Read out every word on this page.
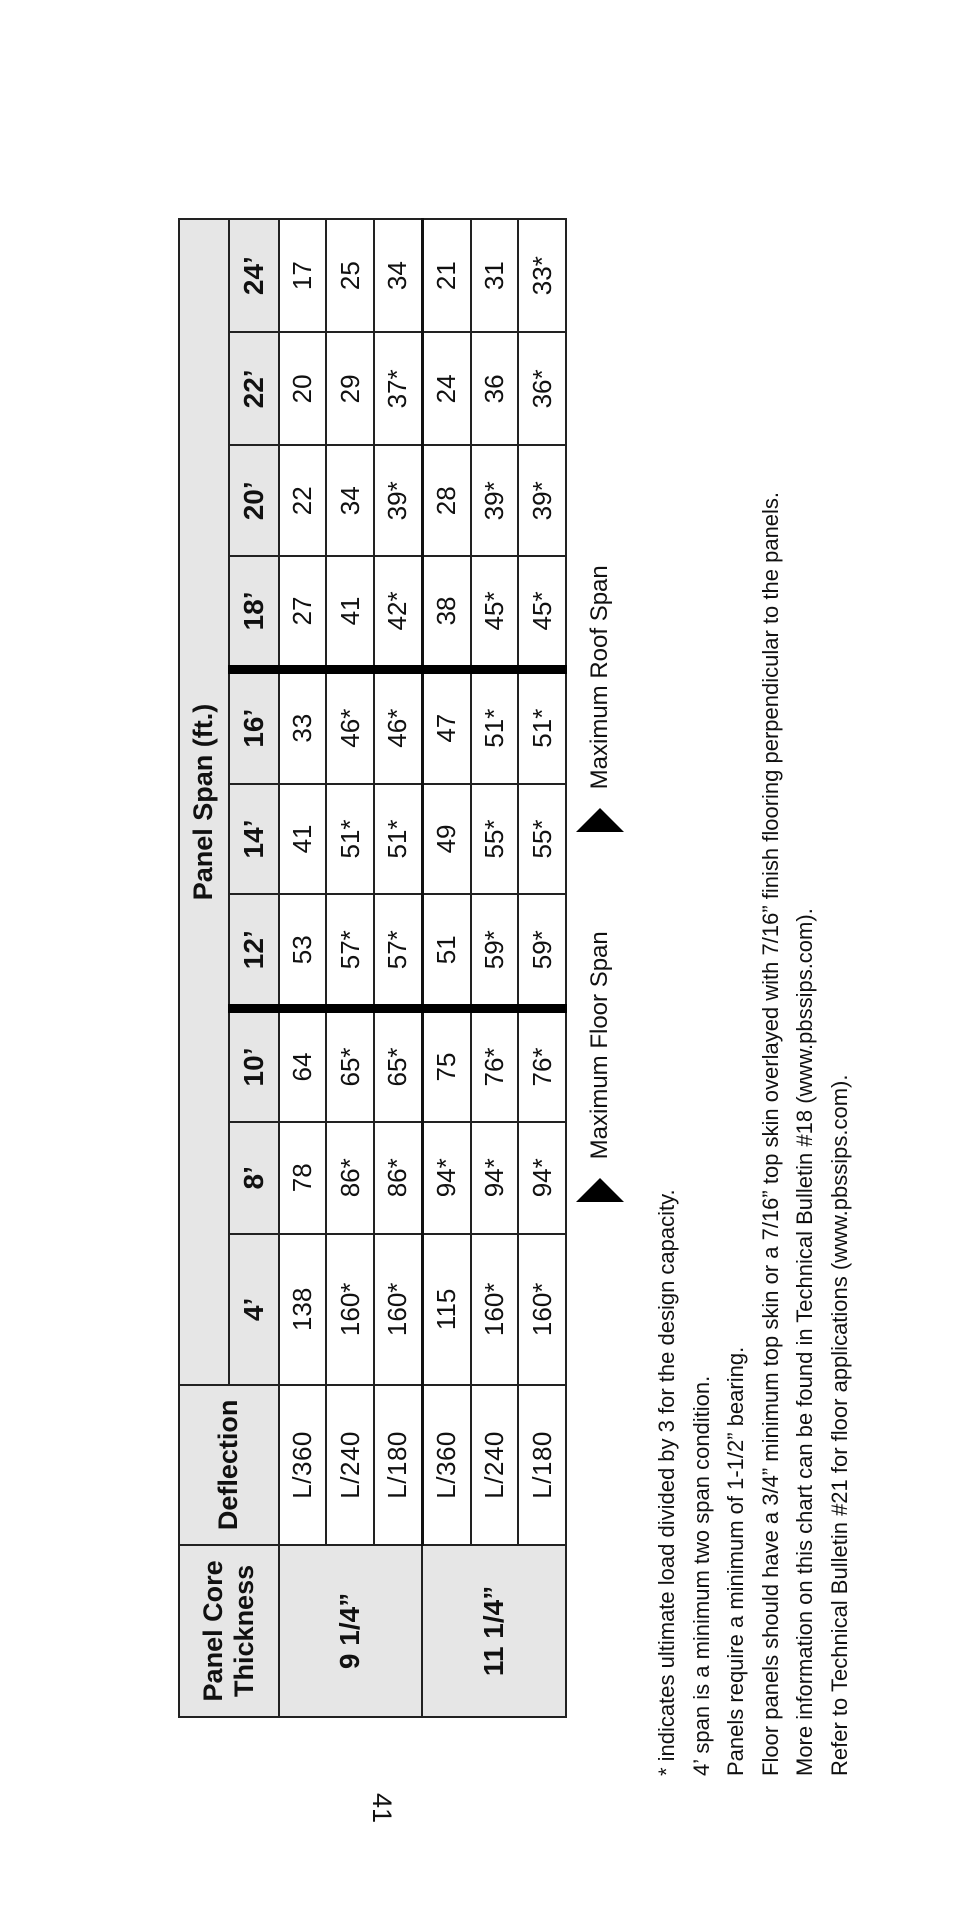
Panel Core Thickness	Deflection	Panel Span (ft.)									
		4’	8’	10’	12’	14’	16’	18’	20’	22’	24’
9 1/4”	L/360	138	78	64	53	41	33	27	22	20	17
	L/240	160*	86*	65*	57*	51*	46*	41	34	29	25
	L/180	160*	86*	65*	57*	51*	46*	42*	39*	37*	34
11 1/4”	L/360	115	94*	75	51	49	47	38	28	24	21
	L/240	160*	94*	76*	59*	55*	51*	45*	39*	36	31
	L/180	160*	94*	76*	59*	55*	51*	45*	39*	36*	33*
Maximum Floor Span
Maximum Roof Span
* indicates ultimate load divided by 3 for the design capacity. 4’ span is a minimum two span condition. Panels require a minimum of 1-1/2” bearing. Floor panels should have a 3/4” minimum top skin or a 7/16” top skin overlayed with 7/16” finish flooring perpendicular to the panels. More information on this chart can be found in Technical Bulletin #18 (www.pbssips.com). Refer to Technical Bulletin #21 for floor applications (www.pbssips.com).
41
